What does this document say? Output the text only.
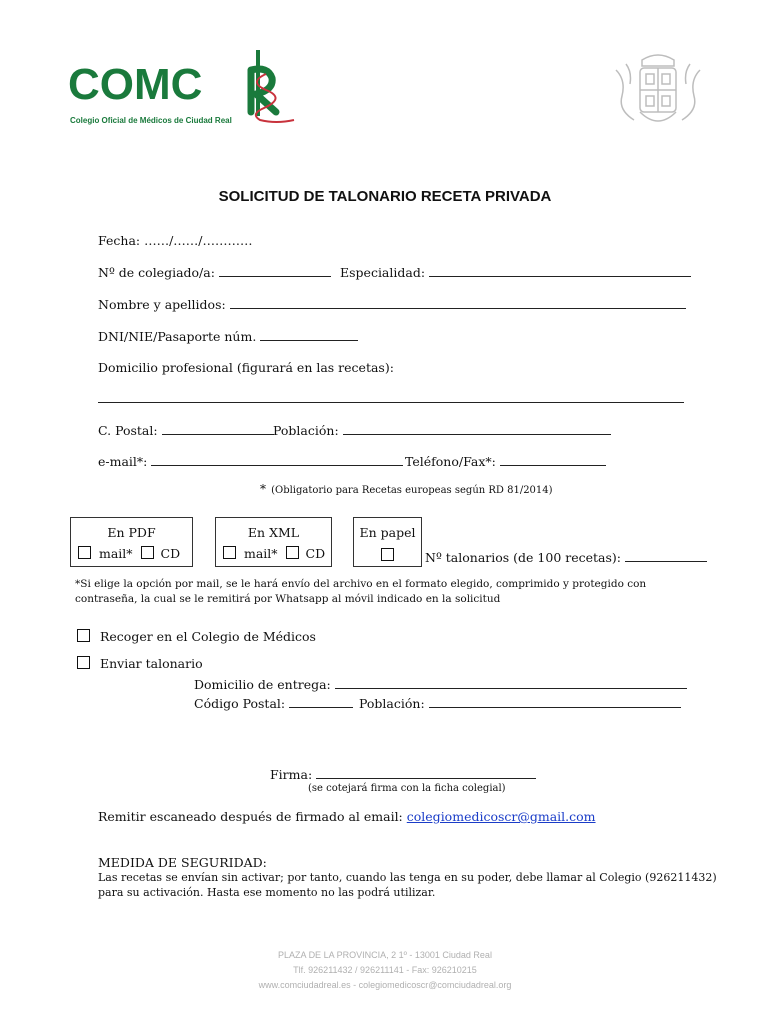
COMC
Colegio Oficial de Médicos de Ciudad Real
SOLICITUD DE TALONARIO RECETA PRIVADA
Fecha: ……/……/…………
Nº de colegiado/a:	Especialidad:
Nombre y apellidos:
DNI/NIE/Pasaporte núm.
Domicilio profesional (figurará en las recetas):
C. Postal:	Población:
e-mail*:	Teléfono/Fax*:
* (Obligatorio para Recetas europeas según RD 81/2014)
En PDF
mail* CD
En XML
mail* CD
En papel
Nº talonarios (de 100 recetas):
*Si elige la opción por mail, se le hará envío del archivo en el formato elegido, comprimido y protegido con
contraseña, la cual se le remitirá por Whatsapp al móvil indicado en la solicitud
Recoger en el Colegio de Médicos
Enviar talonario
Domicilio de entrega:
Código Postal:	Población:
Firma:
(se cotejará firma con la ficha colegial)
Remitir escaneado después de firmado al email: colegiomedicoscr@gmail.com
MEDIDA DE SEGURIDAD:
Las recetas se envían sin activar; por tanto, cuando las tenga en su poder, debe llamar al Colegio (926211432)
para su activación. Hasta ese momento no las podrá utilizar.
PLAZA DE LA PROVINCIA, 2 1º - 13001 Ciudad Real
Tlf. 926211432 / 926211141 - Fax: 926210215
www.comciudadreal.es - colegiomedicoscr@comciudadreal.org
